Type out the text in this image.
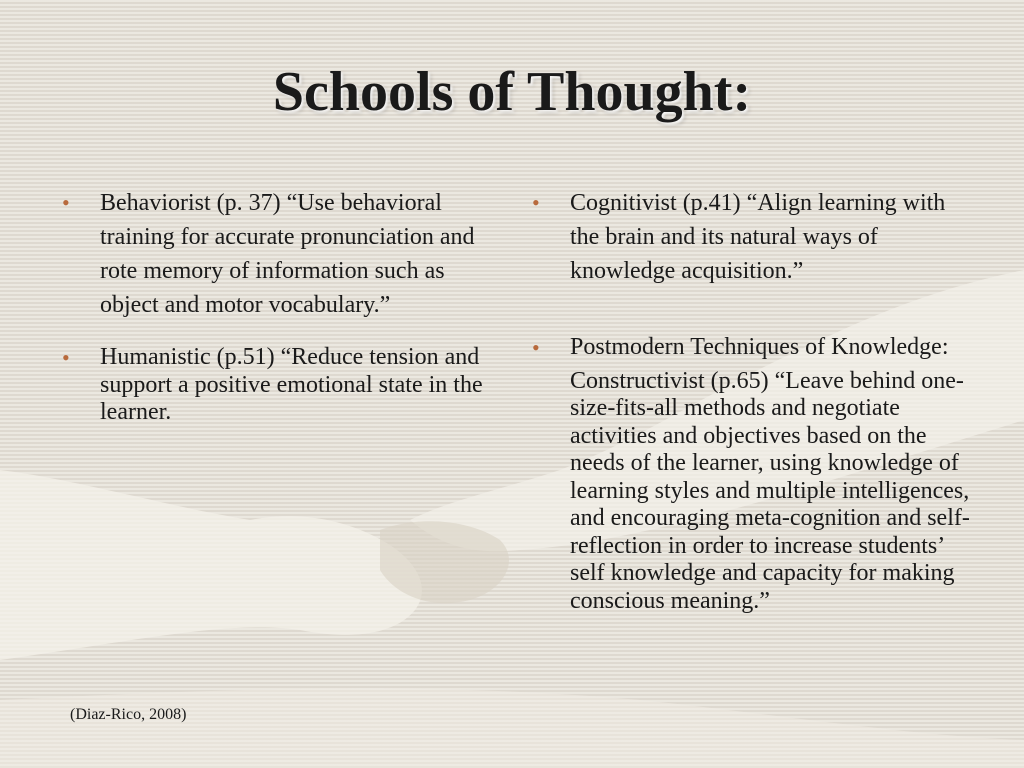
Schools of Thought:
• Behaviorist (p. 37) “Use behavioral training for accurate pronunciation and rote memory of information such as object and motor vocabulary.”
• Humanistic (p.51) “Reduce tension and support a positive emotional state in the learner.
• Cognitivist (p.41) “Align learning with the brain and its natural ways of knowledge acquisition.”
• Postmodern Techniques of Knowledge:
Constructivist (p.65) “Leave behind one-size-fits-all methods and negotiate activities and objectives based on the needs of the learner, using knowledge of learning styles and multiple intelligences, and encouraging meta-cognition and self-reflection in order to increase students’ self knowledge and capacity for making conscious meaning.”
(Diaz-Rico, 2008)
